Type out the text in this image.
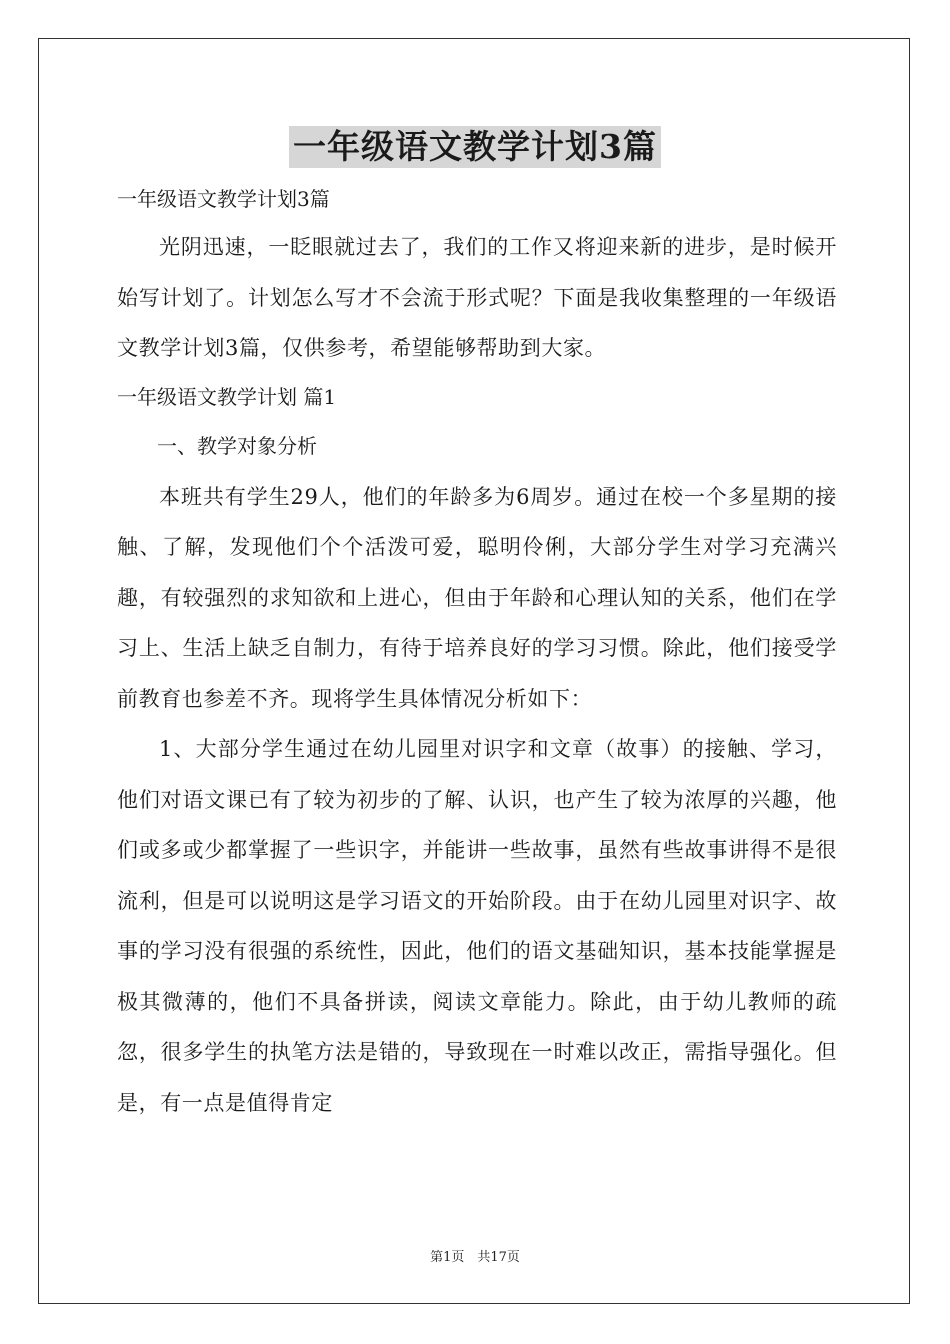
一年级语文教学计划3篇

一年级语文教学计划3篇

光阴迅速，一眨眼就过去了，我们的工作又将迎来新的进步，是时候开始写计划了。计划怎么写才不会流于形式呢？下面是我收集整理的一年级语文教学计划3篇，仅供参考，希望能够帮助到大家。

一年级语文教学计划 篇1

一、教学对象分析

本班共有学生29人，他们的年龄多为6周岁。通过在校一个多星期的接触、了解，发现他们个个活泼可爱，聪明伶俐，大部分学生对学习充满兴趣，有较强烈的求知欲和上进心，但由于年龄和心理认知的关系，他们在学习上、生活上缺乏自制力，有待于培养良好的学习习惯。除此，他们接受学前教育也参差不齐。现将学生具体情况分析如下：

1、大部分学生通过在幼儿园里对识字和文章（故事）的接触、学习，他们对语文课已有了较为初步的了解、认识，也产生了较为浓厚的兴趣，他们或多或少都掌握了一些识字，并能讲一些故事，虽然有些故事讲得不是很流利，但是可以说明这是学习语文的开始阶段。由于在幼儿园里对识字、故事的学习没有很强的系统性，因此，他们的语文基础知识，基本技能掌握是极其微薄的，他们不具备拼读，阅读文章能力。除此，由于幼儿教师的疏忽，很多学生的执笔方法是错的，导致现在一时难以改正，需指导强化。但是，有一点是值得肯定

第1页　共17页
